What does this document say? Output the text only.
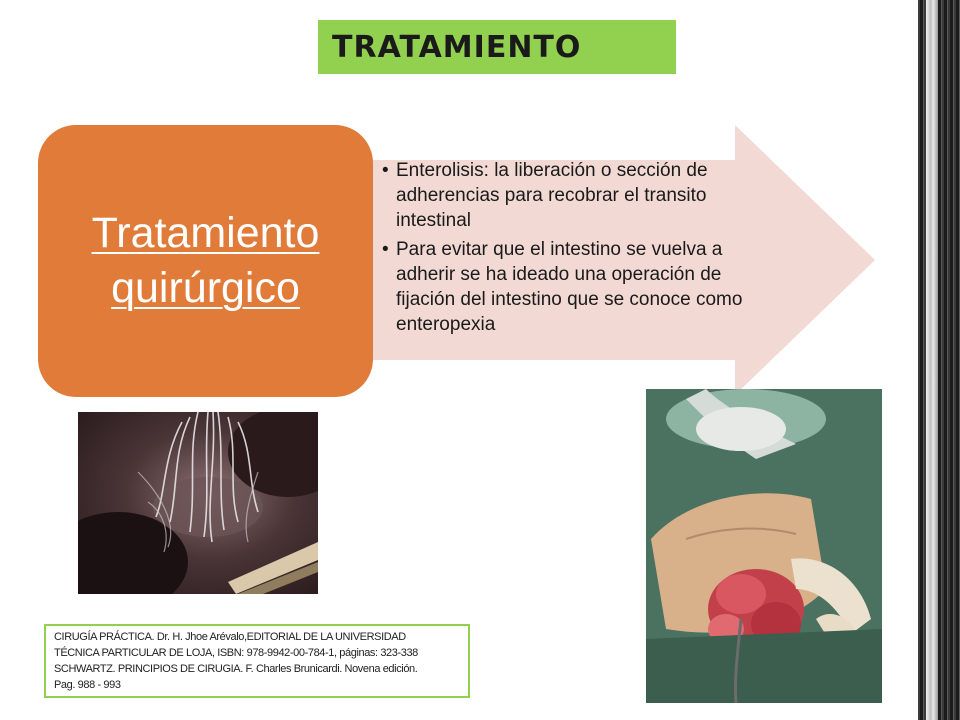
TRATAMIENTO
• Enterolisis: la liberación o sección de adherencias para recobrar el transito intestinal
• Para evitar que el intestino se vuelva a adherir se ha ideado una operación de fijación del intestino que se conoce como enteropexia
Tratamiento quirúrgico
CIRUGÍA PRÁCTICA. Dr. H. Jhoe Arévalo,EDITORIAL DE LA UNIVERSIDAD
TÉCNICA PARTICULAR DE LOJA, ISBN: 978-9942-00-784-1, páginas: 323-338
SCHWARTZ. PRINCIPIOS DE CIRUGIA. F. Charles Brunicardi. Novena edición.
Pag. 988 - 993
